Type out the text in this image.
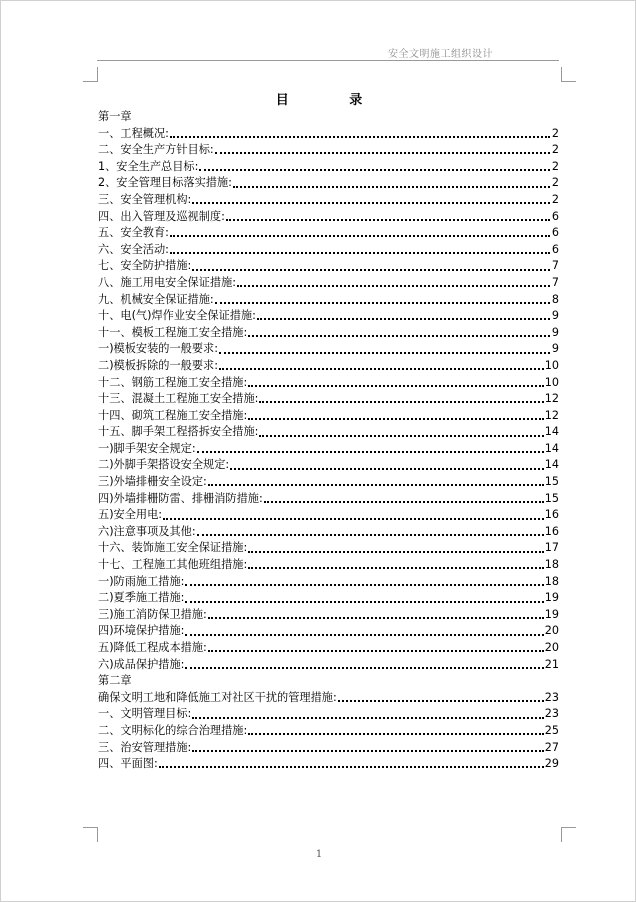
安全文明施工组织设计
目 录
第一章
一、工程概况:	2
二、安全生产方针目标:	2
1、安全生产总目标:	2
2、安全管理目标落实措施:	2
三、安全管理机构:	2
四、出入管理及巡视制度:	6
五、安全教育:	6
六、安全活动:	6
七、安全防护措施:	7
八、施工用电安全保证措施:	7
九、机械安全保证措施:	8
十、电(气)焊作业安全保证措施:	9
十一、模板工程施工安全措施:	9
一)模板安装的一般要求:	9
二)模板拆除的一般要求:	10
十二、钢筋工程施工安全措施:	10
十三、混凝土工程施工安全措施:	12
十四、砌筑工程施工安全措施:	12
十五、脚手架工程搭拆安全措施:	14
一)脚手架安全规定:	14
二)外脚手架搭设安全规定:	14
三)外墙排栅安全设定:	15
四)外墙排栅防雷、排栅消防措施:	15
五)安全用电:	16
六)注意事项及其他:	16
十六、装饰施工安全保证措施:	17
十七、工程施工其他班组措施:	18
一)防雨施工措施:	18
二)夏季施工措施:	19
三)施工消防保卫措施:	19
四)环境保护措施:	20
五)降低工程成本措施:	20
六)成品保护措施:	21
第二章
确保文明工地和降低施工对社区干扰的管理措施:	23
一、文明管理目标:	23
二、文明标化的综合治理措施:	25
三、治安管理措施:	27
四、平面图:	29
1
